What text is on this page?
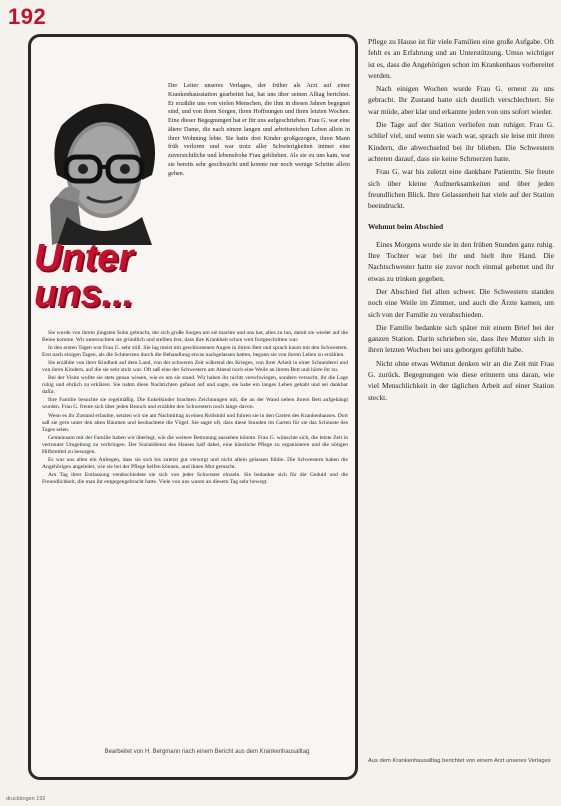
192
Unter
uns...

Der Leiter unseres Verlages, der früher als Arzt auf einer Krankenhausstation gearbeitet hat, hat uns über seinen Alltag berichtet. Er erzählte uns von vielen Menschen, die ihm in diesen Jahren begegnet sind, und von ihren Sorgen, ihren Hoffnungen und ihren letzten Wochen. Eine dieser Begegnungen hat er für uns aufgeschrieben. Frau G. war eine ältere Dame, die nach einem langen und arbeitsreichen Leben allein in ihrer Wohnung lebte. Sie hatte drei Kinder großgezogen, ihren Mann früh verloren und war trotz aller Schwierigkeiten immer eine zuversichtliche und lebensfrohe Frau geblieben. Als sie zu uns kam, war sie bereits sehr geschwächt und konnte nur noch wenige Schritte allein gehen.

Sie wurde von ihrem jüngsten Sohn gebracht, der sich große Sorgen um sie machte und uns bat, alles zu tun, damit sie wieder auf die Beine komme. Wir untersuchten sie gründlich und stellten fest, dass ihre Krankheit schon weit fortgeschritten war.

In den ersten Tagen war Frau G. sehr still. Sie lag meist mit geschlossenen Augen in ihrem Bett und sprach kaum mit den Schwestern. Erst nach einigen Tagen, als die Schmerzen durch die Behandlung etwas nachgelassen hatten, begann sie von ihrem Leben zu erzählen.

Sie erzählte von ihrer Kindheit auf dem Land, von der schweren Zeit während des Krieges, von ihrer Arbeit in einer Schneiderei und von ihren Kindern, auf die sie sehr stolz war. Oft saß eine der Schwestern am Abend noch eine Weile an ihrem Bett und hörte ihr zu.

Bei der Visite wollte sie stets genau wissen, wie es um sie stand. Wir haben ihr nichts verschwiegen, sondern versucht, ihr die Lage ruhig und ehrlich zu erklären. Sie nahm diese Nachrichten gefasst auf und sagte, sie habe ein langes Leben gehabt und sei dankbar dafür.

Ihre Familie besuchte sie regelmäßig. Die Enkelkinder brachten Zeichnungen mit, die an der Wand neben ihrem Bett aufgehängt wurden. Frau G. freute sich über jeden Besuch und erzählte den Schwestern noch lange davon.

Wenn es ihr Zustand erlaubte, setzten wir sie am Nachmittag in einen Rollstuhl und fuhren sie in den Garten des Krankenhauses. Dort saß sie gern unter den alten Bäumen und beobachtete die Vögel. Sie sagte oft, dass diese Stunden im Garten für sie das Schönste des Tages seien.

Gemeinsam mit der Familie haben wir überlegt, wie die weitere Betreuung aussehen könnte. Frau G. wünschte sich, die letzte Zeit in vertrauter Umgebung zu verbringen. Der Sozialdienst des Hauses half dabei, eine häusliche Pflege zu organisieren und die nötigen Hilfsmittel zu besorgen.

Es war uns allen ein Anliegen, dass sie sich bis zuletzt gut versorgt und nicht allein gelassen fühlte. Die Schwestern haben die Angehörigen angeleitet, wie sie bei der Pflege helfen können, und ihnen Mut gemacht.

Am Tag ihrer Entlassung verabschiedete sie sich von jeder Schwester einzeln. Sie bedankte sich für die Geduld und die Freundlichkeit, die man ihr entgegengebracht hatte. Viele von uns waren an diesem Tag sehr bewegt.

Bearbeitet von H. Bergmann nach einem Bericht aus dem Krankenhausalltag

Pflege zu Hause ist für viele Familien eine große Aufgabe. Oft fehlt es an Erfahrung und an Unterstützung. Umso wichtiger ist es, dass die Angehörigen schon im Krankenhaus vorbereitet werden.

Nach einigen Wochen wurde Frau G. erneut zu uns gebracht. Ihr Zustand hatte sich deutlich verschlechtert. Sie war müde, aber klar und erkannte jeden von uns sofort wieder.

Die Tage auf der Station verliefen nun ruhiger. Frau G. schlief viel, und wenn sie wach war, sprach sie leise mit ihren Kindern, die abwechselnd bei ihr blieben. Die Schwestern achteten darauf, dass sie keine Schmerzen hatte.

Frau G. war bis zuletzt eine dankbare Patientin. Sie freute sich über kleine Aufmerksamkeiten und über jeden freundlichen Blick. Ihre Gelassenheit hat viele auf der Station beeindruckt.

Wehmut beim Abschied

Eines Morgens wurde sie in den frühen Stunden ganz ruhig. Ihre Tochter war bei ihr und hielt ihre Hand. Die Nachtschwester hatte sie zuvor noch einmal gebettet und ihr etwas zu trinken gegeben.

Der Abschied fiel allen schwer. Die Schwestern standen noch eine Weile im Zimmer, und auch die Ärzte kamen, um sich von der Familie zu verabschieden.

Die Familie bedankte sich später mit einem Brief bei der ganzen Station. Darin schrieben sie, dass ihre Mutter sich in ihren letzten Wochen bei uns geborgen gefühlt habe.

Nicht ohne etwas Wehmut denken wir an die Zeit mit Frau G. zurück. Begegnungen wie diese erinnern uns daran, wie viel Menschlichkeit in der täglichen Arbeit auf einer Station steckt.

Aus dem Krankenhausalltag berichtet von einem Arzt unseres Verlages
druckbogen 192
